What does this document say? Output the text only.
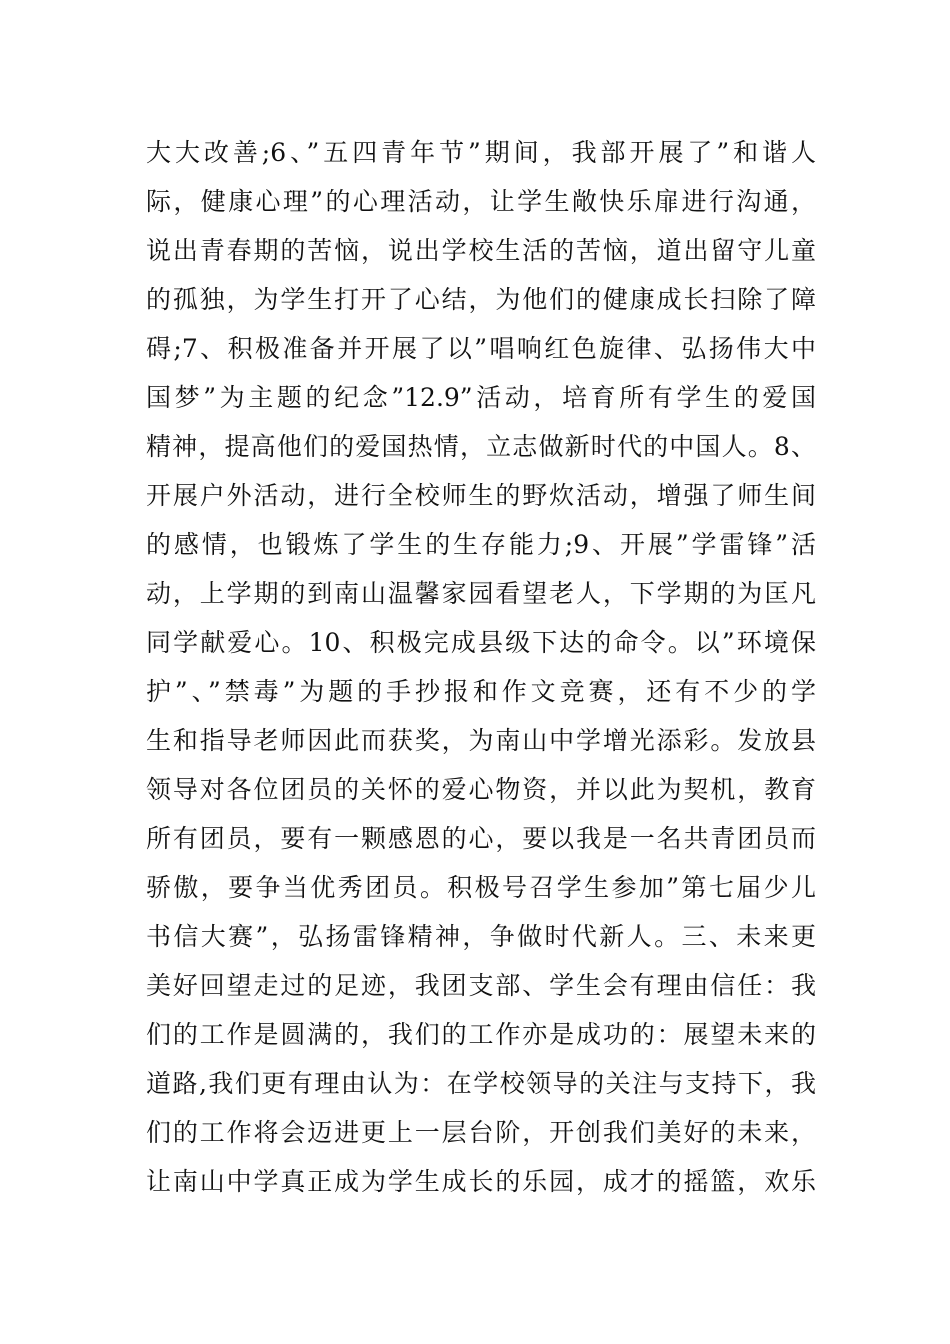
大大改善;6、”五四青年节”期间，我部开展了”和谐人
际，健康心理”的心理活动，让学生敞快乐扉进行沟通，
说出青春期的苦恼，说出学校生活的苦恼，道出留守儿童
的孤独，为学生打开了心结，为他们的健康成长扫除了障
碍;7、积极准备并开展了以”唱响红色旋律、弘扬伟大中
国梦”为主题的纪念”12.9”活动，培育所有学生的爱国
精神，提高他们的爱国热情，立志做新时代的中国人。8、
开展户外活动，进行全校师生的野炊活动，增强了师生间
的感情，也锻炼了学生的生存能力;9、开展”学雷锋”活
动，上学期的到南山温馨家园看望老人，下学期的为匡凡
同学献爱心。10、积极完成县级下达的命令。以”环境保
护”、”禁毒”为题的手抄报和作文竞赛，还有不少的学
生和指导老师因此而获奖，为南山中学增光添彩。发放县
领导对各位团员的关怀的爱心物资，并以此为契机，教育
所有团员，要有一颗感恩的心，要以我是一名共青团员而
骄傲，要争当优秀团员。积极号召学生参加”第七届少儿
书信大赛”，弘扬雷锋精神，争做时代新人。三、未来更
美好回望走过的足迹，我团支部、学生会有理由信任：我
们的工作是圆满的，我们的工作亦是成功的：展望未来的
道路,我们更有理由认为：在学校领导的关注与支持下，我
们的工作将会迈进更上一层台阶，开创我们美好的未来，
让南山中学真正成为学生成长的乐园，成才的摇篮，欢乐
